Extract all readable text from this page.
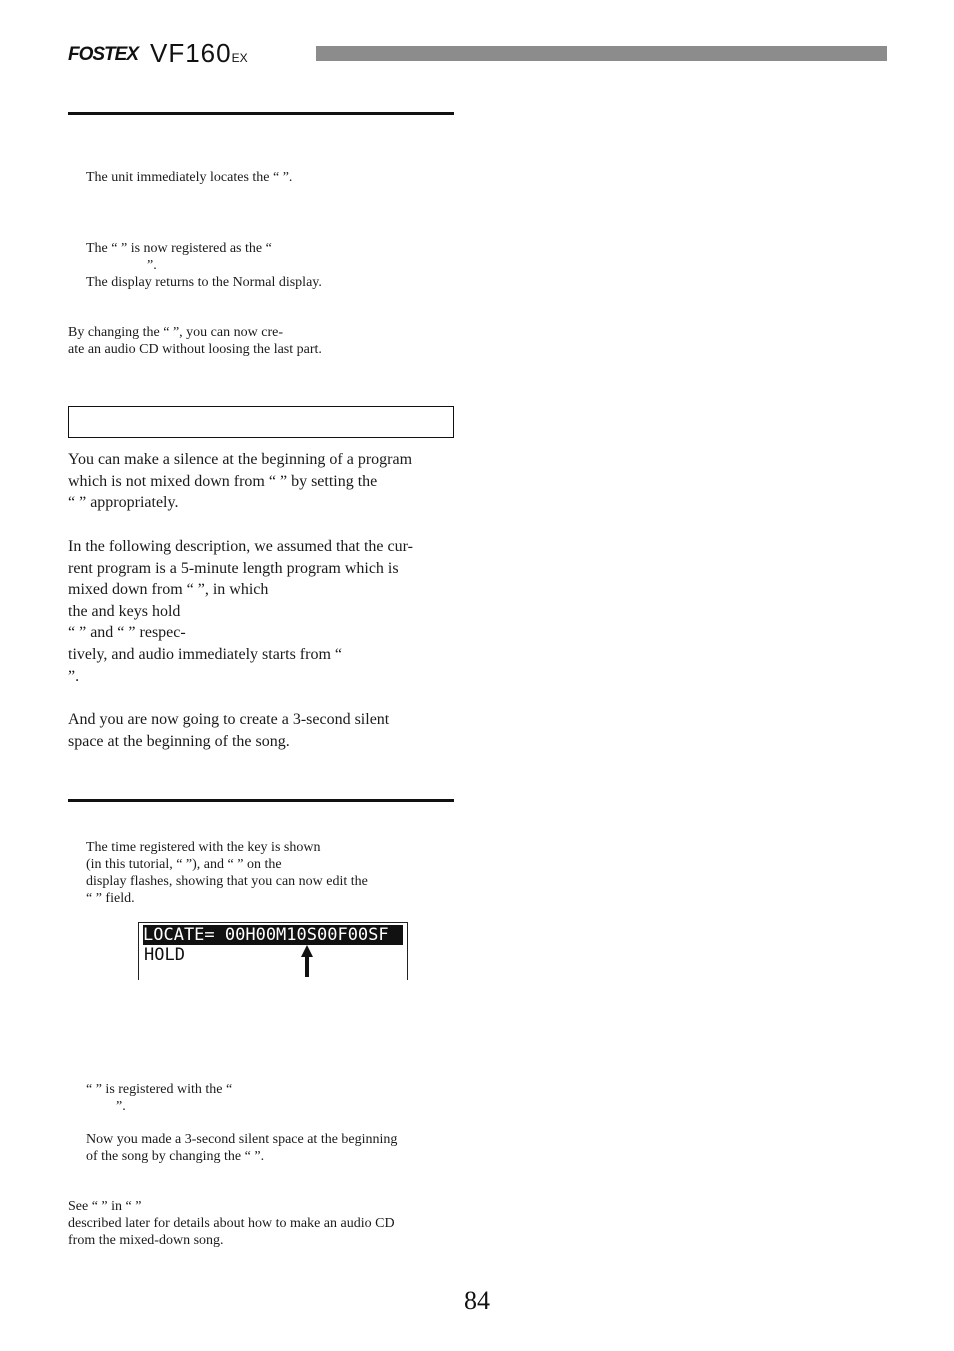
FOSTEX VF160EX
The unit immediately locates the “ ”.
The “ ” is now registered as the “
”.
The display returns to the Normal display.
By changing the “ ”, you can now cre-
ate an audio CD without loosing the last part.
You can make a silence at the beginning of a program
which is not mixed down from “ ” by setting the
“ ” appropriately.
In the following description, we assumed that the cur-
rent program is a 5-minute length program which is
mixed down from “ ”, in which
the and keys hold
“ ” and “ ” respec-
tively, and audio immediately starts from “
”.
And you are now going to create a 3-second silent
space at the beginning of the song.
The time registered with the key is shown
(in this tutorial, “ ”), and “ ” on the
display flashes, showing that you can now edit the
“ ” field.
LOCATE= 00H00M10S00F00SF
HOLD
“ ” is registered with the “
”.
Now you made a 3-second silent space at the beginning
of the song by changing the “ ”.
See “ ” in “ ”
described later for details about how to make an audio CD
from the mixed-down song.
84
